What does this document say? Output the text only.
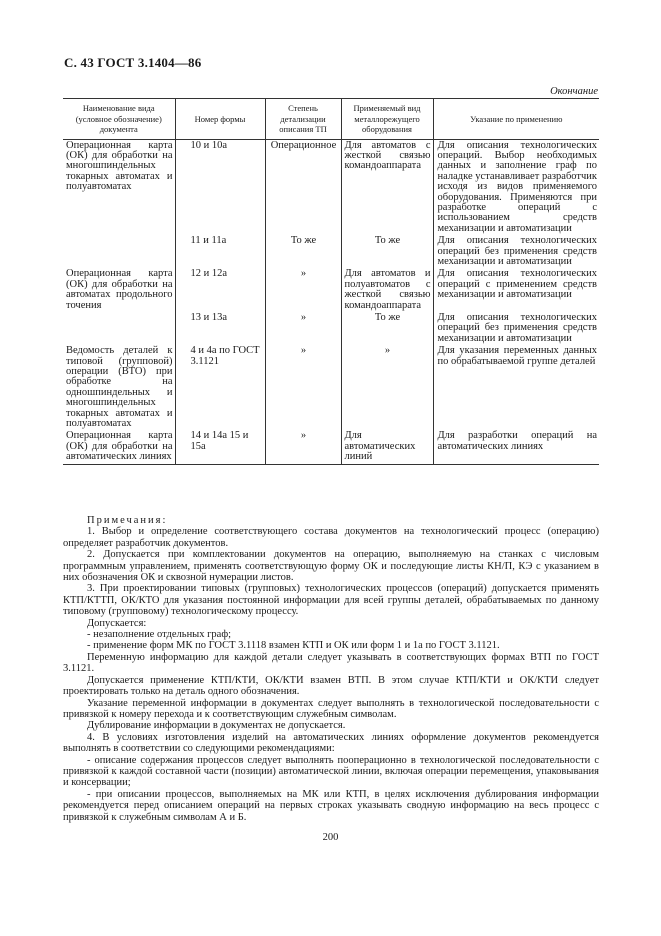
С. 43 ГОСТ 3.1404—86
Окончание
Наименование вида (условное обозначение) документа	Номер формы	Степень детализации описания ТП	Применяемый вид металлорежущего оборудования	Указание по применению
Операционная карта (ОК) для обработки на многошпиндельных токарных автоматах и полуавтоматах	10 и 10а	Операционное	Для автоматов с жесткой связью командоаппарата	Для описания технологических операций. Выбор необходимых данных и заполнение граф по наладке устанавливает разработчик исходя из видов применяемого оборудования. Применяются при разработке операций с использованием средств механизации и автоматизации
	11 и 11а	То же	То же	Для описания технологических операций без применения средств механизации и автоматизации
Операционная карта (ОК) для обработки на автоматах продольного точения	12 и 12а	»	Для автоматов и полуавтоматов с жесткой связью командоаппарата	Для описания технологических операций с применением средств механизации и автоматизации
	13 и 13а	»	То же	Для описания технологических операций без применения средств механизации и автоматизации
Ведомость деталей к типовой (групповой) операции (ВТО) при обработке на одношпиндельных и многошпиндельных токарных автоматах и полуавтоматах	4 и 4а по ГОСТ 3.1121	»	»	Для указания переменных данных по обрабатываемой группе деталей
Операционная карта (ОК) для обработки на автоматических линиях	14 и 14а 15 и 15а	»	Для автоматических линий	Для разработки операций на автоматических линиях

Примечания:

1. Выбор и определение соответствующего состава документов на технологический процесс (операцию) определяет разработчик документов.

2. Допускается при комплектовании документов на операцию, выполняемую на станках с числовым программным управлением, применять соответствующую форму ОК и последующие листы КН/П, КЭ с указанием в них обозначения ОК и сквозной нумерации листов.

3. При проектировании типовых (групповых) технологических процессов (операций) допускается применять КТП/КТТП, ОК/КТО для указания постоянной информации для всей группы деталей, обрабатываемых по данному типовому (групповому) технологическому процессу.

Допускается:

- незаполнение отдельных граф;

- применение форм МК по ГОСТ 3.1118 взамен КТП и ОК или форм 1 и 1а по ГОСТ 3.1121.

Переменную информацию для каждой детали следует указывать в соответствующих формах ВТП по ГОСТ 3.1121.

Допускается применение КТП/КТИ, ОК/КТИ взамен ВТП. В этом случае КТП/КТИ и ОК/КТИ следует проектировать только на деталь одного обозначения.

Указание переменной информации в документах следует выполнять в технологической последовательности с привязкой к номеру перехода и к соответствующим служебным символам.

Дублирование информации в документах не допускается.

4. В условиях изготовления изделий на автоматических линиях оформление документов рекомендуется выполнять в соответствии со следующими рекомендациями:

- описание содержания процессов следует выполнять пооперационно в технологической последовательности с привязкой к каждой составной части (позиции) автоматической линии, включая операции перемещения, упаковывания и консервации;

- при описании процессов, выполняемых на МК или КТП, в целях исключения дублирования информации рекомендуется перед описанием операций на первых строках указывать сводную информацию на весь процесс с привязкой к служебным символам А и Б.

200
